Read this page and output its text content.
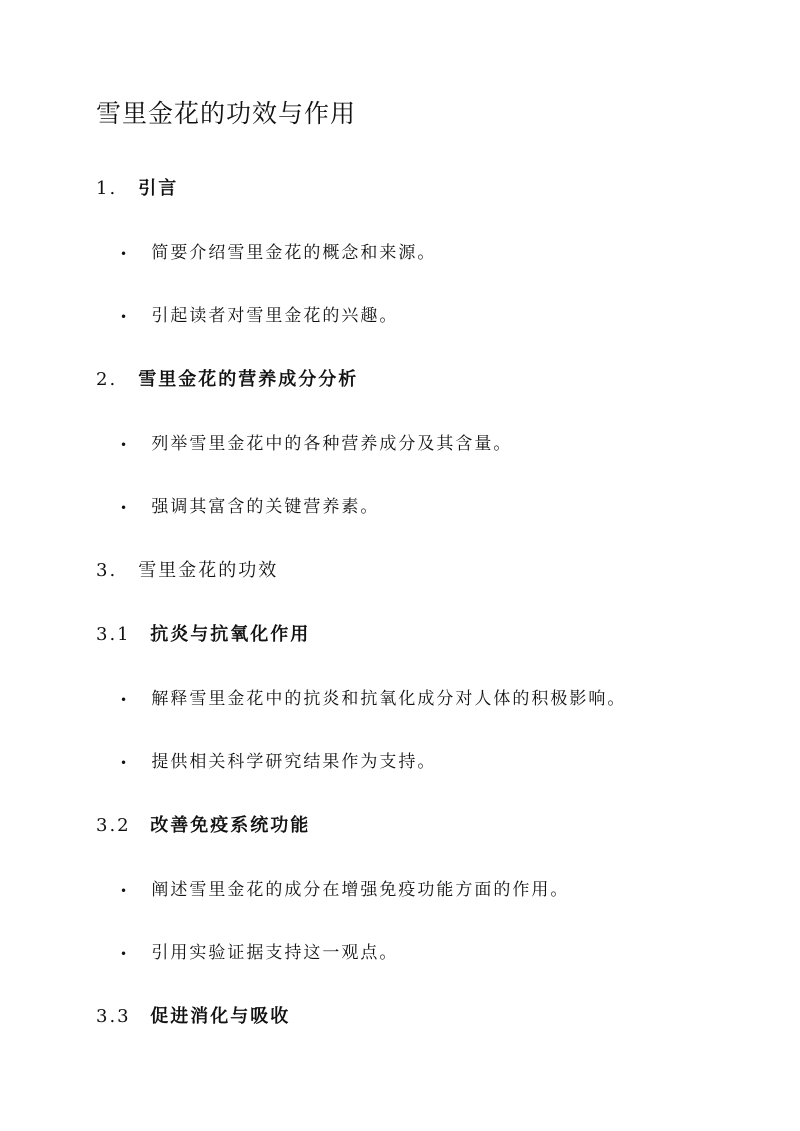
雪里金花的功效与作用
1. 引言
• 简要介绍雪里金花的概念和来源。
• 引起读者对雪里金花的兴趣。
2. 雪里金花的营养成分分析
• 列举雪里金花中的各种营养成分及其含量。
• 强调其富含的关键营养素。
3. 雪里金花的功效
3.1 抗炎与抗氧化作用
• 解释雪里金花中的抗炎和抗氧化成分对人体的积极影响。
• 提供相关科学研究结果作为支持。
3.2 改善免疫系统功能
• 阐述雪里金花的成分在增强免疫功能方面的作用。
• 引用实验证据支持这一观点。
3.3 促进消化与吸收
